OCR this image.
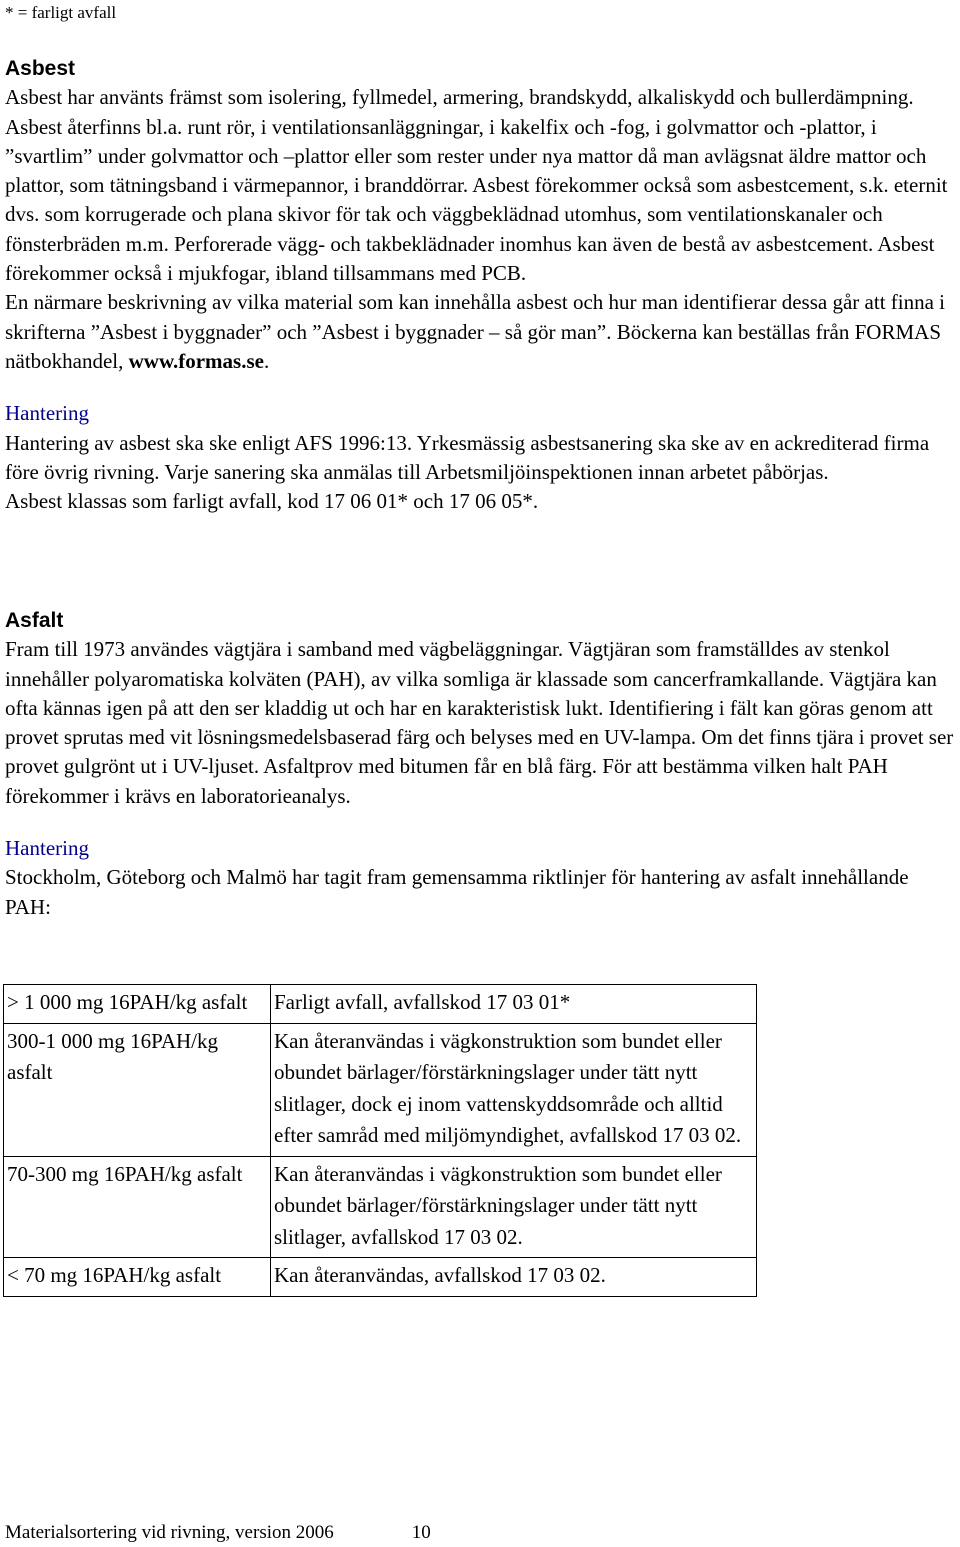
* = farligt avfall
Asbest

Asbest har använts främst som isolering, fyllmedel, armering, brandskydd, alkaliskydd och bullerdämpning. Asbest återfinns bl.a. runt rör, i ventilationsanläggningar, i kakelfix och -fog, i golvmattor och -plattor, i ”svartlim” under golvmattor och –plattor eller som rester under nya mattor då man avlägsnat äldre mattor och plattor, som tätningsband i värmepannor, i branddörrar. Asbest förekommer också som asbestcement, s.k. eternit dvs. som korrugerade och plana skivor för tak och väggbeklädnad utomhus, som ventilationskanaler och fönsterbräden m.m. Perforerade vägg- och takbeklädnader inomhus kan även de bestå av asbestcement. Asbest förekommer också i mjukfogar, ibland tillsammans med PCB.

En närmare beskrivning av vilka material som kan innehålla asbest och hur man identifierar dessa går att finna i skrifterna ”Asbest i byggnader” och ”Asbest i byggnader – så gör man”. Böckerna kan beställas från FORMAS nätbokhandel, www.formas.se.

Hantering

Hantering av asbest ska ske enligt AFS 1996:13. Yrkesmässig asbestsanering ska ske av en ackrediterad firma före övrig rivning. Varje sanering ska anmälas till Arbetsmiljöinspektionen innan arbetet påbörjas.

Asbest klassas som farligt avfall, kod 17 06 01* och 17 06 05*.

Asfalt

Fram till 1973 användes vägtjära i samband med vägbeläggningar. Vägtjäran som framställdes av stenkol innehåller polyaromatiska kolväten (PAH), av vilka somliga är klassade som cancerframkallande. Vägtjära kan ofta kännas igen på att den ser kladdig ut och har en karakteristisk lukt. Identifiering i fält kan göras genom att provet sprutas med vit lösningsmedelsbaserad färg och belyses med en UV-lampa. Om det finns tjära i provet ser provet gulgrönt ut i UV-ljuset. Asfaltprov med bitumen får en blå färg. För att bestämma vilken halt PAH förekommer i krävs en laboratorieanalys.

Hantering

Stockholm, Göteborg och Malmö har tagit fram gemensamma riktlinjer för hantering av asfalt innehållande PAH:

> 1 000 mg 16PAH/kg asfalt	Farligt avfall, avfallskod 17 03 01*
300-1 000 mg 16PAH/kg asfalt	Kan återanvändas i vägkonstruktion som bundet eller obundet bärlager/förstärkningslager under tätt nytt slitlager, dock ej inom vattenskyddsområde och alltid efter samråd med miljömyndighet, avfallskod 17 03 02.
70-300 mg 16PAH/kg asfalt	Kan återanvändas i vägkonstruktion som bundet eller obundet bärlager/förstärkningslager under tätt nytt slitlager, avfallskod 17 03 02.
< 70 mg 16PAH/kg asfalt	Kan återanvändas, avfallskod 17 03 02.
Materialsortering vid rivning, version 2006	10
